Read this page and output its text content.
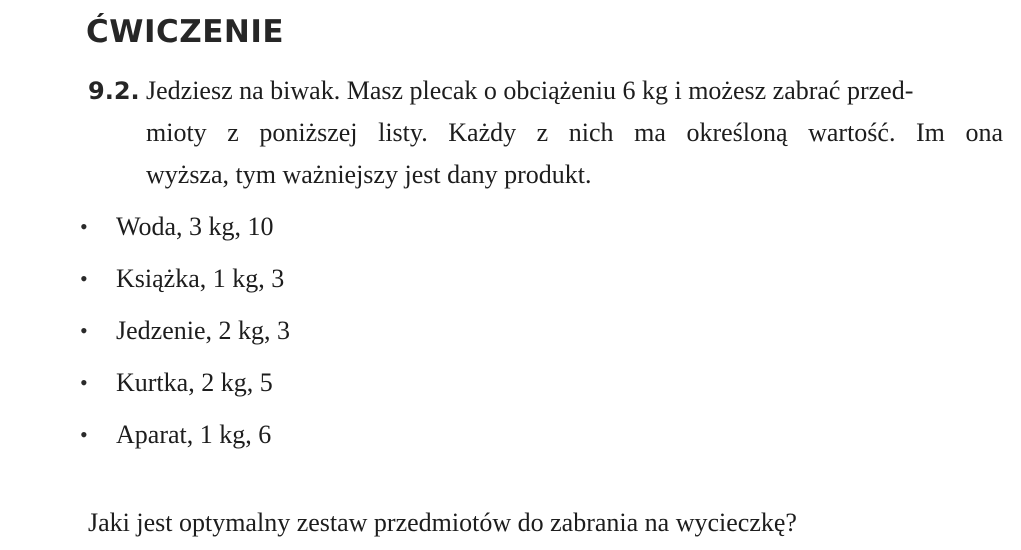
ĆWICZENIE
9.2. Jedziesz na biwak. Masz plecak o obciążeniu 6 kg i możesz zabrać przed-
mioty z poniższej listy. Każdy z nich ma określoną wartość. Im ona
wyższa, tym ważniejszy jest dany produkt.
•	Woda, 3 kg, 10
•	Książka, 1 kg, 3
•	Jedzenie, 2 kg, 3
•	Kurtka, 2 kg, 5
•	Aparat, 1 kg, 6

Jaki jest optymalny zestaw przedmiotów do zabrania na wycieczkę?
